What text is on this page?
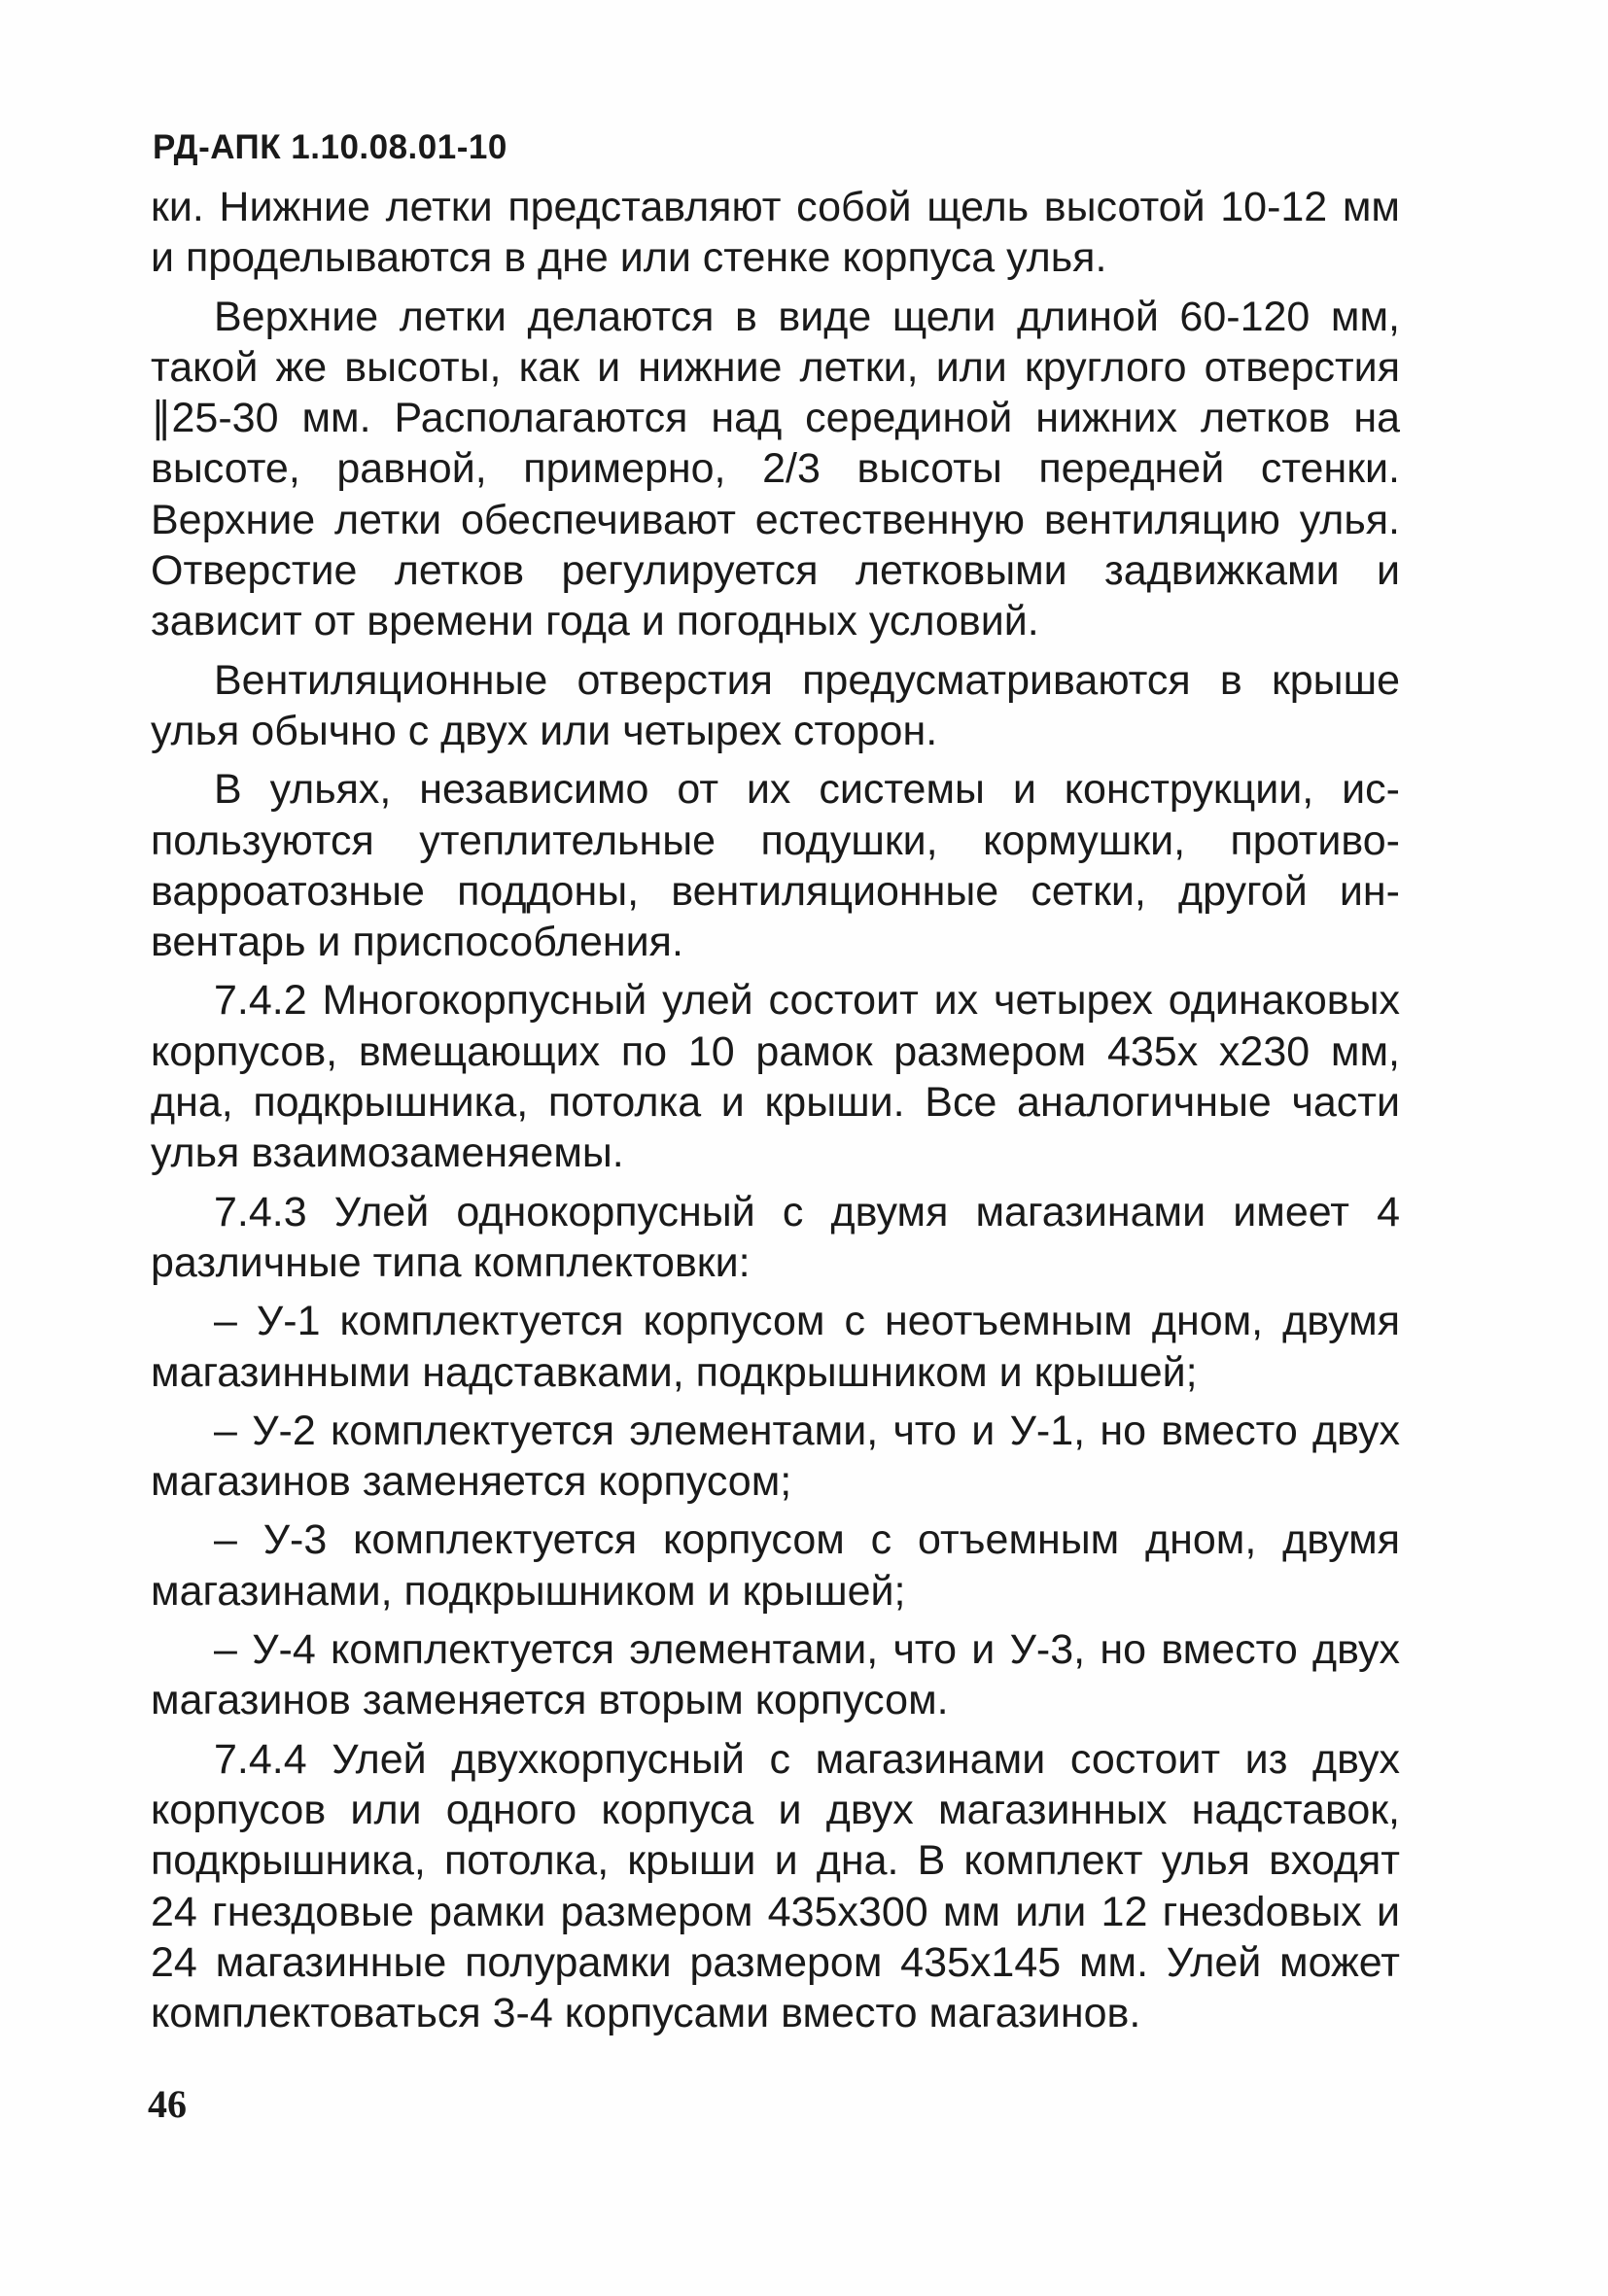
РД-АПК 1.10.08.01-10

ки. Нижние летки представляют собой щель высотой 10-12 мм и проделываются в дне или стенке корпуса улья.

Верхние летки делаются в виде щели длиной 60-120 мм, такой же высоты, как и нижние летки, или круглого отверстия ∥25-30 мм. Располагаются над серединой нижних летков на высоте, равной, примерно, 2/3 высоты передней стенки. Верхние летки обеспечивают естественную вентиляцию улья. Отверстие летков регулируется летковыми задвижками и зависит от времени года и погодных условий.

Вентиляционные отверстия предусматриваются в крыше улья обычно с двух или четырех сторон.

В ульях, независимо от их системы и конструкции, используются утеплительные подушки, кормушки, противоварроатозные поддоны, вентиляционные сетки, другой инвентарь и приспособления.

7.4.2 Многокорпусный улей состоит их четырех одинаковых корпусов, вмещающих по 10 рамок размером 435х х230 мм, дна, подкрышника, потолка и крыши. Все аналогичные части улья взаимозаменяемы.

7.4.3 Улей однокорпусный с двумя магазинами имеет 4 различные типа комплектовки:

– У-1 комплектуется корпусом с неотъемным дном, двумя магазинными надставками, подкрышником и крышей;

– У-2 комплектуется элементами, что и У-1, но вместо двух магазинов заменяется корпусом;

– У-3 комплектуется корпусом с отъемным дном, двумя магазинами, подкрышником и крышей;

– У-4 комплектуется элементами, что и У-3, но вместо двух магазинов заменяется вторым корпусом.

7.4.4 Улей двухкорпусный с магазинами состоит из двух корпусов или одного корпуса и двух магазинных надставок, подкрышника, потолка, крыши и дна. В комплект улья входят 24 гнездовые рамки размером 435х300 мм или 12 гнезdовых и 24 магазинные полурамки размером 435х145 мм. Улей может комплектоваться 3-4 корпусами вместо магазинов.

46
